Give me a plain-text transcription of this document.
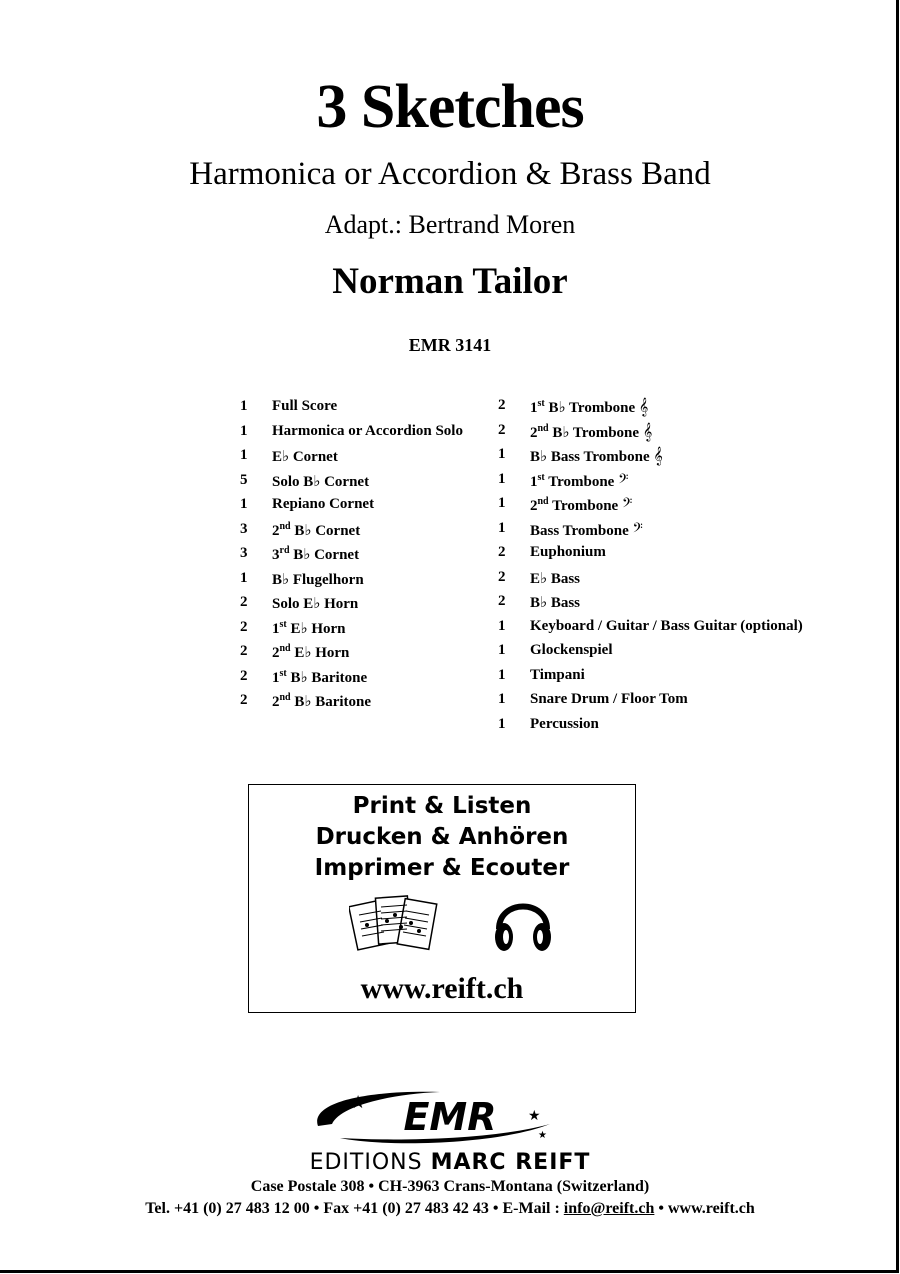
3 Sketches
Harmonica or Accordion & Brass Band
Adapt.: Bertrand Moren
Norman Tailor
EMR 3141
1	Full Score
1	Harmonica or Accordion Solo
1	E♭ Cornet
5	Solo B♭ Cornet
1	Repiano Cornet
3	2nd B♭ Cornet
3	3rd B♭ Cornet
1	B♭ Flugelhorn
2	Solo E♭ Horn
2	1st E♭ Horn
2	2nd E♭ Horn
2	1st B♭ Baritone
2	2nd B♭ Baritone
2	1st B♭ Trombone 𝄞
2	2nd B♭ Trombone 𝄞
1	B♭ Bass Trombone 𝄞
1	1st Trombone 𝄢
1	2nd Trombone 𝄢
1	Bass Trombone 𝄢
2	Euphonium
2	E♭ Bass
2	B♭ Bass
1	Keyboard / Guitar / Bass Guitar (optional)
1	Glockenspiel
1	Timpani
1	Snare Drum / Floor Tom
1	Percussion
Print & Listen
Drucken & Anhören
Imprimer & Ecouter
www.reift.ch
EMR
★
★
★
EDITIONS MARC REIFT
Case Postale 308 • CH-3963 Crans-Montana (Switzerland)
Tel. +41 (0) 27 483 12 00 • Fax +41 (0) 27 483 42 43 • E-Mail : info@reift.ch • www.reift.ch
